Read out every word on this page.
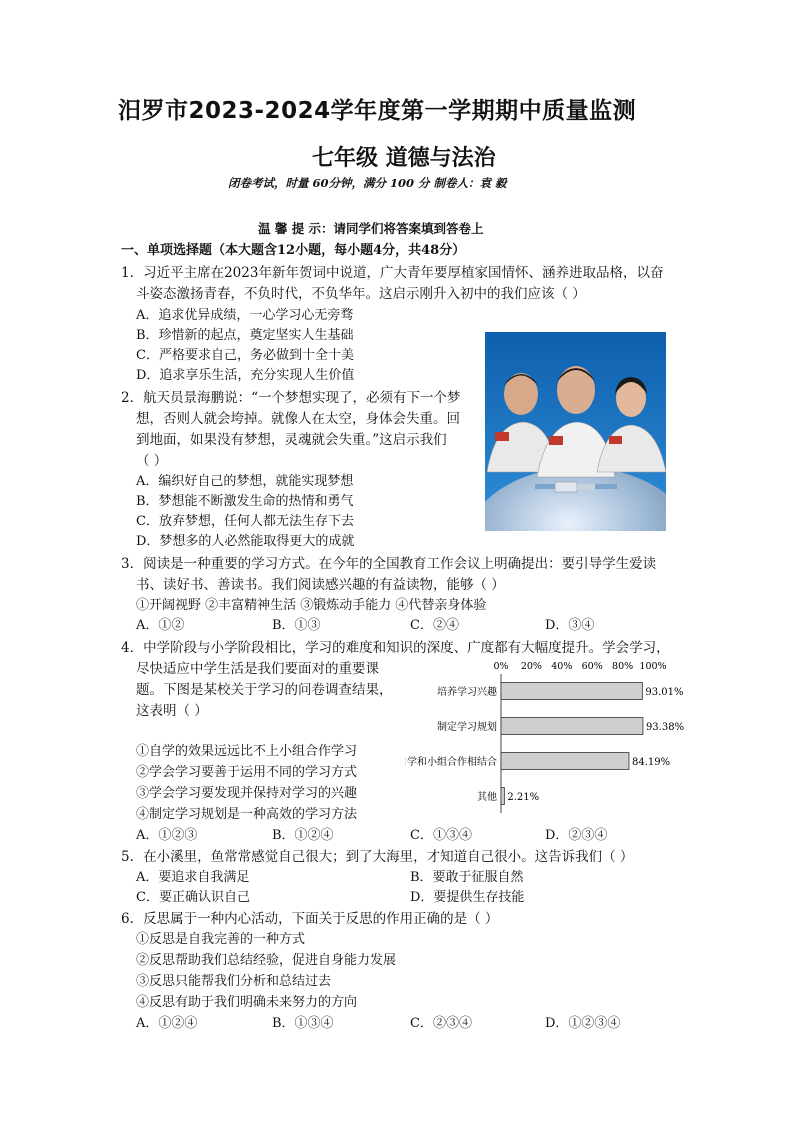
汨罗市2023-2024学年度第一学期期中质量监测
七年级 道德与法治
闭卷考试，时量 60分钟，满分 100 分 制卷人：袁 毅
温 馨 提 示：请同学们将答案填到答卷上
一、单项选择题（本大题含12小题，每小题4分，共48分）
1．习近平主席在2023年新年贺词中说道，广大青年要厚植家国情怀、涵养进取品格，以奋
斗姿态激扬青春，不负时代，不负华年。这启示刚升入初中的我们应该（ ）
A．追求优异成绩，一心学习心无旁骛
B．珍惜新的起点，奠定坚实人生基础
C．严格要求自己，务必做到十全十美
D．追求享乐生活，充分实现人生价值
2．航天员景海鹏说：“一个梦想实现了，必须有下一个梦
想，否则人就会垮掉。就像人在太空，身体会失重。回
到地面，如果没有梦想，灵魂就会失重。”这启示我们
（ ）
A．编织好自己的梦想，就能实现梦想
B．梦想能不断激发生命的热情和勇气
C．放弃梦想，任何人都无法生存下去
D．梦想多的人必然能取得更大的成就
3．阅读是一种重要的学习方式。在今年的全国教育工作会议上明确提出：要引导学生爱读
书、读好书、善读书。我们阅读感兴趣的有益读物，能够（ ）
①开阔视野 ②丰富精神生活 ③锻炼动手能力 ④代替亲身体验
A．①②	B．①③	C．②④	D．③④
4．中学阶段与小学阶段相比，学习的难度和知识的深度、广度都有大幅度提升。学会学习，
尽快适应中学生活是我们要面对的重要课
题。下图是某校关于学习的问卷调查结果，
这表明（ ）
①自学的效果远远比不上小组合作学习
②学会学习要善于运用不同的学习方式
③学会学习要发现并保持对学习的兴趣
④制定学习规划是一种高效的学习方法
A．①②③	B．①②④	C．①③④	D．②③④
0% 20% 40% 60% 80% 100%
培养学习兴趣	93.01%
制定学习规划	93.38%
自学和小组合作相结合	84.19%
其他 2.21%
5．在小溪里，鱼常常感觉自己很大；到了大海里，才知道自己很小。这告诉我们（ ）
A．要追求自我满足	B．要敢于征服自然
C．要正确认识自己	D．要提供生存技能
6．反思属于一种内心活动，下面关于反思的作用正确的是（ ）
①反思是自我完善的一种方式
②反思帮助我们总结经验，促进自身能力发展
③反思只能帮我们分析和总结过去
④反思有助于我们明确未来努力的方向
A．①②④	B．①③④	C．②③④	D．①②③④
